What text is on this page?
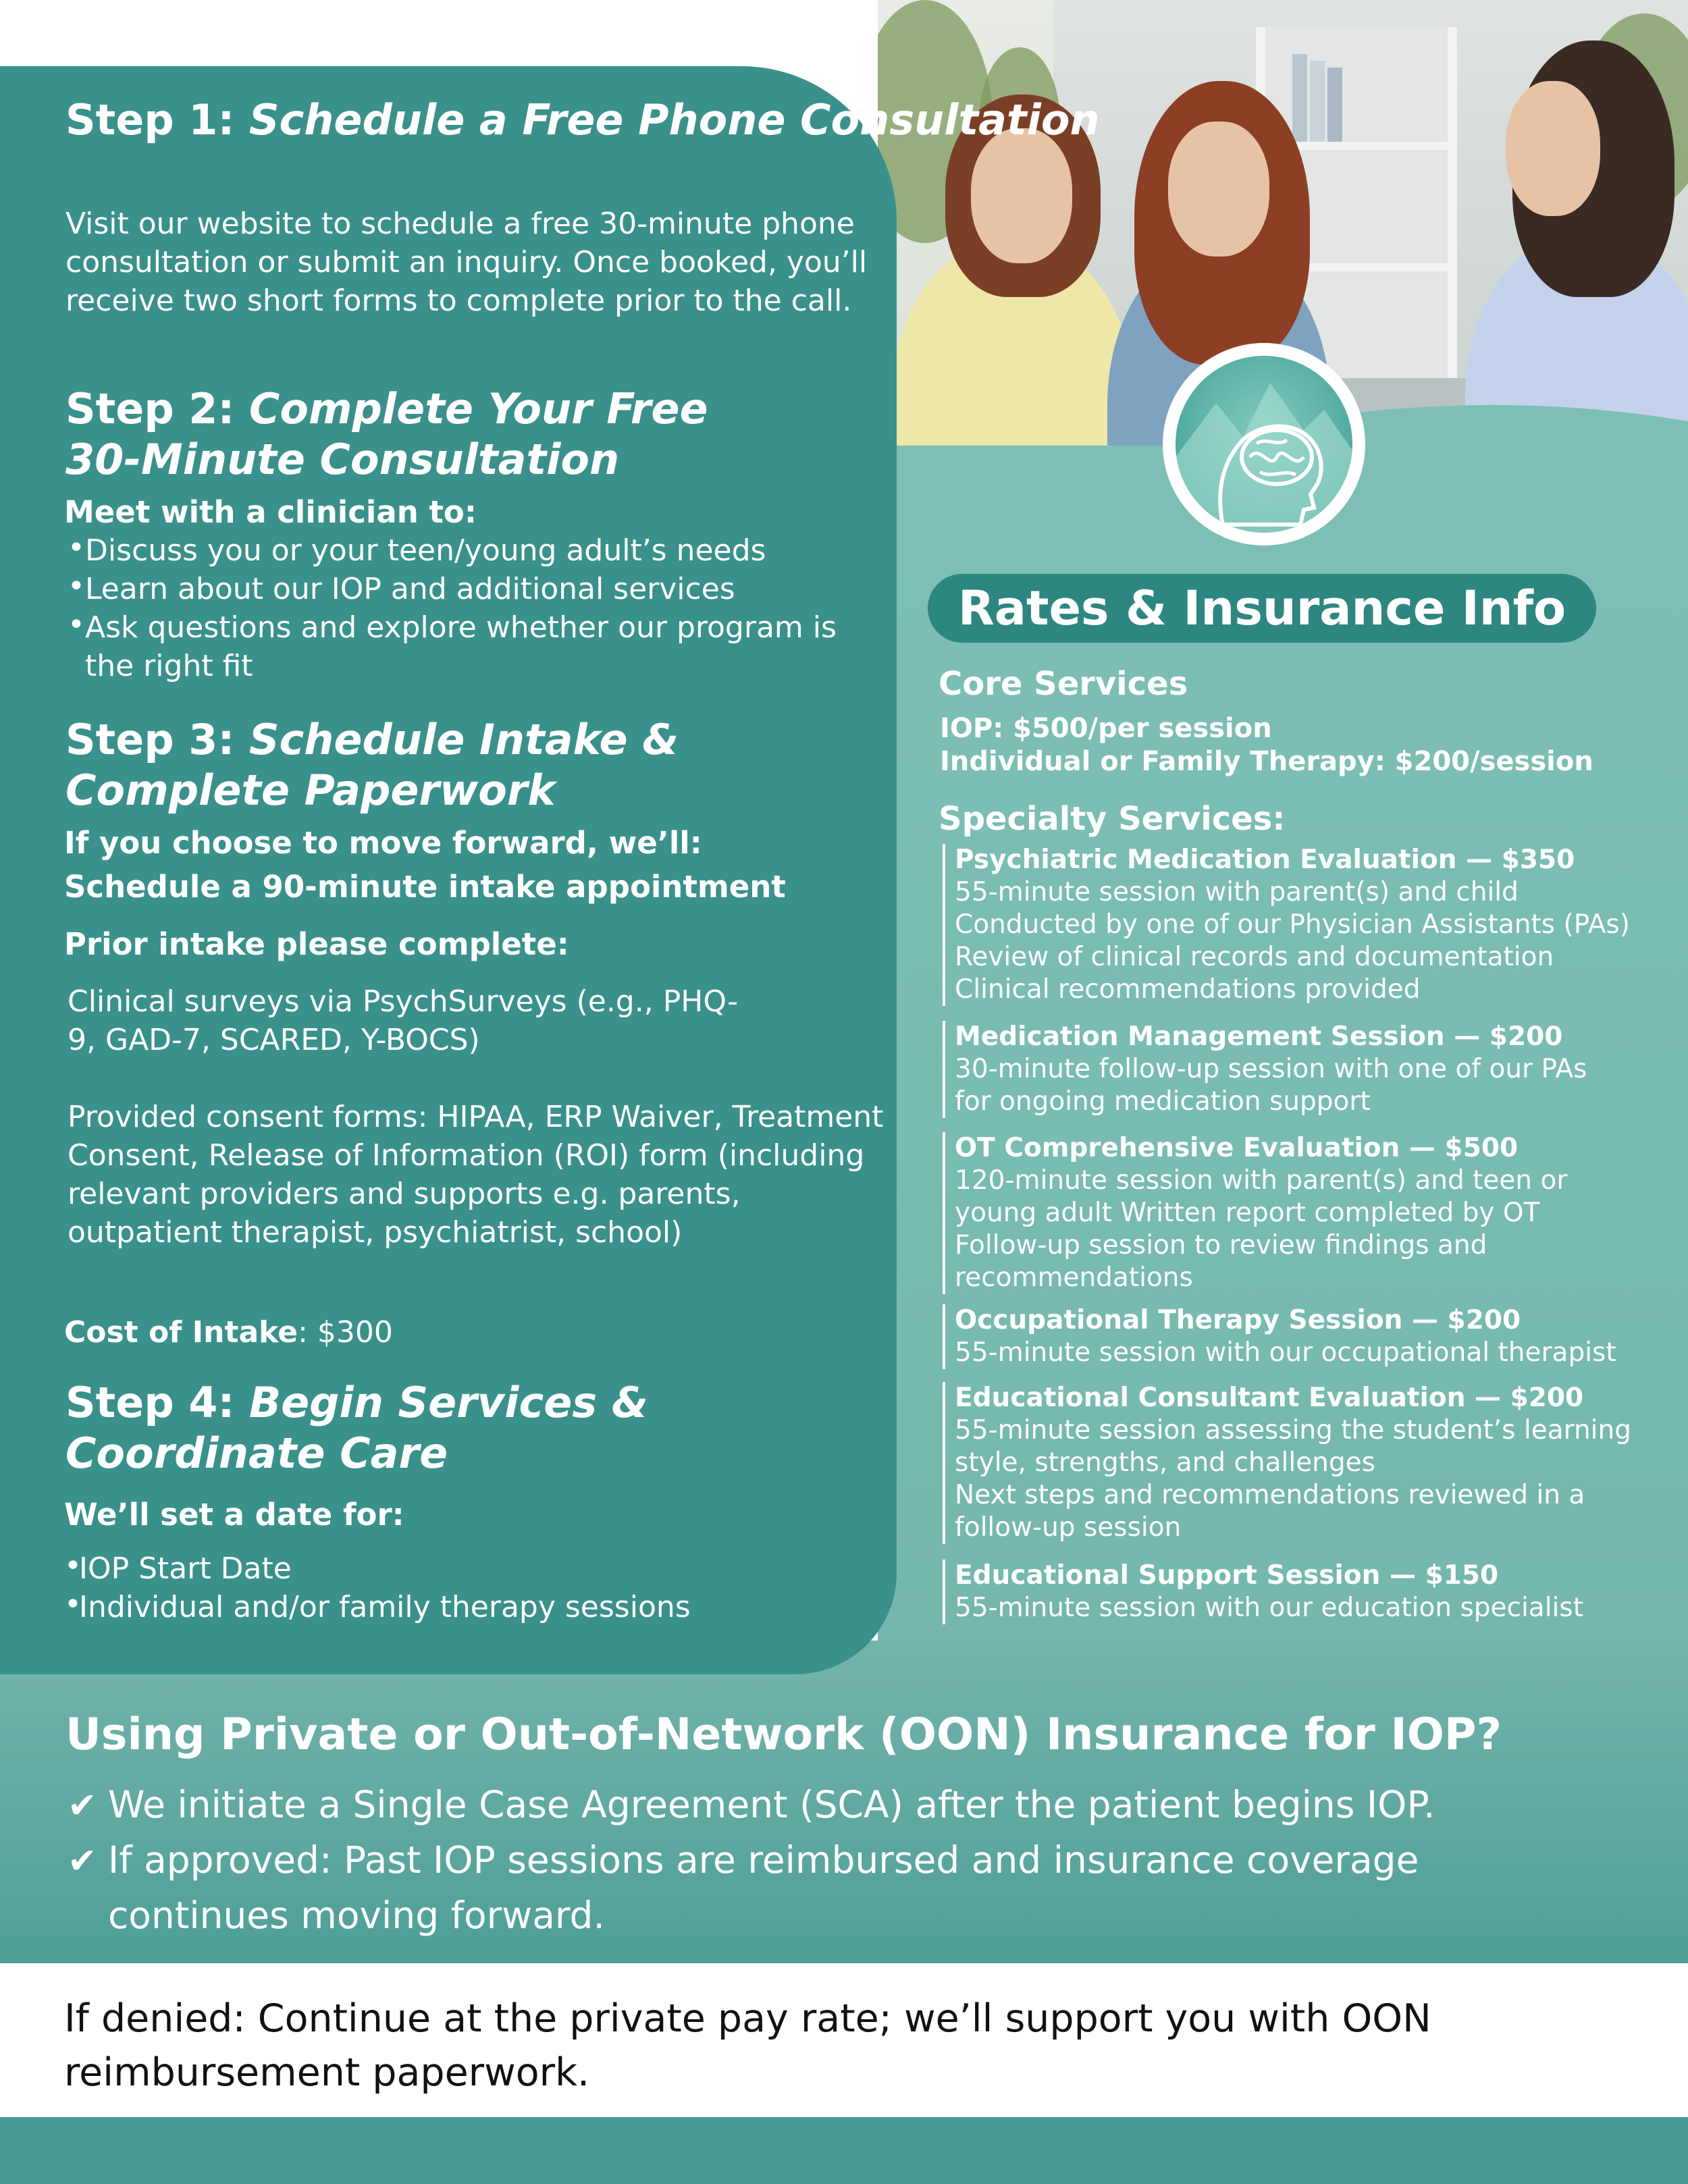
Step 1: Schedule a Free Phone Consultation

Visit our website to schedule a free 30-minute phone consultation or submit an inquiry. Once booked, you’ll receive two short forms to complete prior to the call.

Step 2: Complete Your Free
30-Minute Consultation

Meet with a clinician to:

• Discuss you or your teen/young adult’s needs
• Learn about our IOP and additional services
• Ask questions and explore whether our program is the right fit
Step 3: Schedule Intake &
Complete Paperwork

If you choose to move forward, we’ll:

Schedule a 90-minute intake appointment

Prior intake please complete:

Clinical surveys via PsychSurveys (e.g., PHQ-9, GAD-7, SCARED, Y-BOCS)

Provided consent forms: HIPAA, ERP Waiver, Treatment Consent, Release of Information (ROI) form (including relevant providers and supports e.g. parents, outpatient therapist, psychiatrist, school)

Cost of Intake: $300

Step 4: Begin Services &
Coordinate Care

We’ll set a date for:

• IOP Start Date
• Individual and/or family therapy sessions
Rates & Insurance Info

Core Services

IOP: $500/per session

Individual or Family Therapy: $200/session

Specialty Services:

Psychiatric Medication Evaluation — $350

55-minute session with parent(s) and child

Conducted by one of our Physician Assistants (PAs)

Review of clinical records and documentation

Clinical recommendations provided

Medication Management Session — $200

30-minute follow-up session with one of our PAs

for ongoing medication support

OT Comprehensive Evaluation — $500

120-minute session with parent(s) and teen or

young adult Written report completed by OT

Follow-up session to review findings and

recommendations

Occupational Therapy Session — $200

55-minute session with our occupational therapist

Educational Consultant Evaluation — $200

55-minute session assessing the student’s learning

style, strengths, and challenges

Next steps and recommendations reviewed in a

follow-up session

Educational Support Session — $150

55-minute session with our education specialist

Using Private or Out-of-Network (OON) Insurance for IOP?

✔ We initiate a Single Case Agreement (SCA) after the patient begins IOP.

✔ If approved: Past IOP sessions are reimbursed and insurance coverage continues moving forward.

If denied: Continue at the private pay rate; we’ll support you with OON reimbursement paperwork.
